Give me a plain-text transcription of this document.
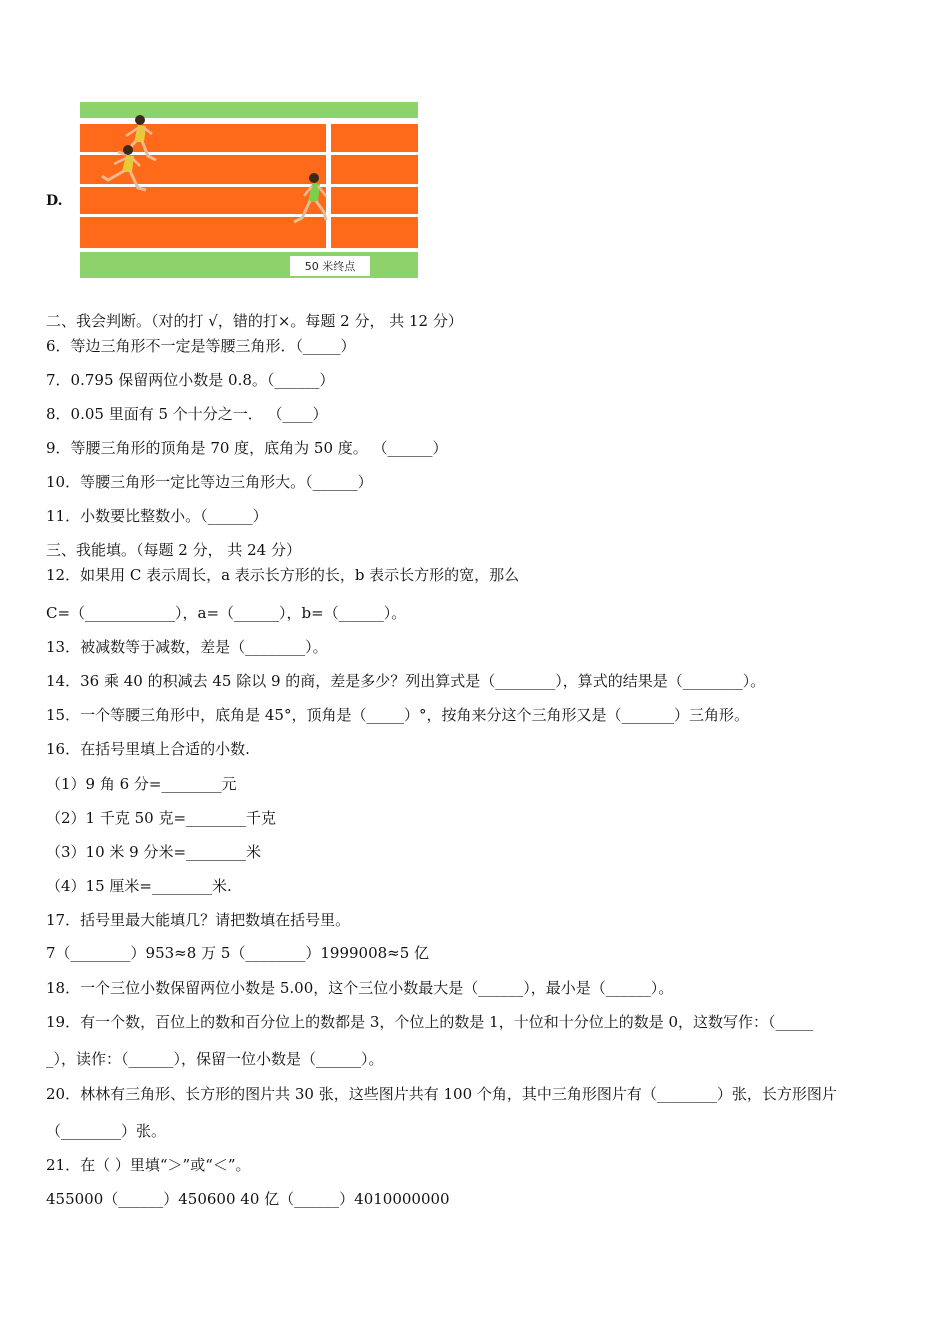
D.
50 米终点
二、我会判断。（对的打 √，错的打×。每题 2 分， 共 12 分）
6．等边三角形不一定是等腰三角形．（_____）
7．0.795 保留两位小数是 0.8。（______）
8．0.05 里面有 5 个十分之一． （____）
9．等腰三角形的顶角是 70 度，底角为 50 度。 （______）
10．等腰三角形一定比等边三角形大。（______）
11．小数要比整数小。（______）
三、我能填。（每题 2 分， 共 24 分）
12．如果用 C 表示周长，a 表示长方形的长，b 表示长方形的宽，那么
C=（____________），a=（______），b=（______）。
13．被减数等于减数，差是（________）。
14．36 乘 40 的积减去 45 除以 9 的商，差是多少？列出算式是（________），算式的结果是（________）。
15．一个等腰三角形中，底角是 45°，顶角是（_____）°，按角来分这个三角形又是（_______）三角形。
16．在括号里填上合适的小数.
（1）9 角 6 分=________元
（2）1 千克 50 克=________千克
（3）10 米 9 分米=________米
（4）15 厘米=________米.
17．括号里最大能填几？请把数填在括号里。
7（________）953≈8 万 5（________）1999008≈5 亿
18．一个三位小数保留两位小数是 5.00，这个三位小数最大是（______），最小是（______）。
19．有一个数，百位上的数和百分位上的数都是 3，个位上的数是 1，十位和十分位上的数是 0，这数写作：（_____
_），读作：（______），保留一位小数是（______）。
20．林林有三角形、长方形的图片共 30 张，这些图片共有 100 个角，其中三角形图片有（________）张，长方形图片
（________）张。
21．在（ ）里填“＞”或“＜”。
455000（______）450600 40 亿（______）4010000000
